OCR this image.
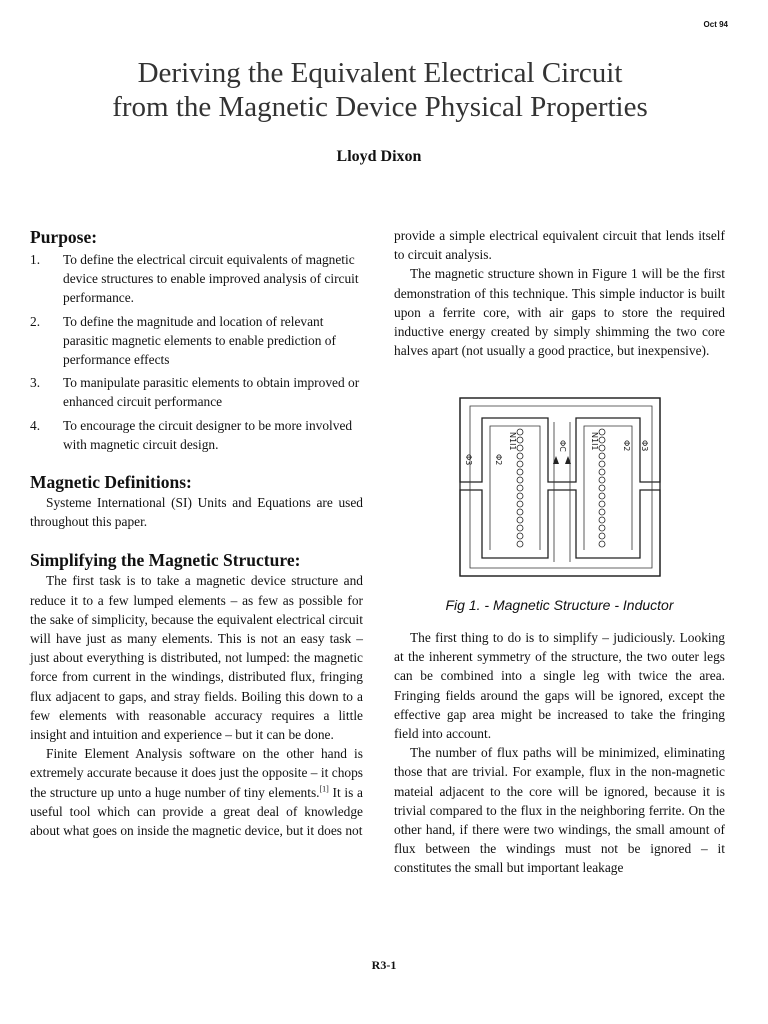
Oct 94
Deriving the Equivalent Electrical Circuit
from the Magnetic Device Physical Properties
Lloyd Dixon
Purpose:
1. To define the electrical circuit equivalents of magnetic device structures to enable improved analysis of circuit performance.
2. To define the magnitude and location of relevant parasitic magnetic elements to enable prediction of performance effects
3. To manipulate parasitic elements to obtain improved or enhanced circuit performance
4. To encourage the circuit designer to be more involved with magnetic circuit design.
Magnetic Definitions:

Systeme International (SI) Units and Equations are used throughout this paper.

Simplifying the Magnetic Structure:

The first task is to take a magnetic device structure and reduce it to a few lumped elements – as few as possible for the sake of simplicity, because the equivalent electrical circuit will have just as many elements. This is not an easy task – just about everything is distributed, not lumped: the magnetic force from current in the windings, distributed flux, fringing flux adjacent to gaps, and stray fields. Boiling this down to a few elements with reasonable accuracy requires a little insight and intuition and experience – but it can be done.

Finite Element Analysis software on the other hand is extremely accurate because it does just the opposite – it chops the structure up unto a huge number of tiny elements.[1] It is a useful tool which can provide a great deal of knowledge about what goes on inside the magnetic device, but it does not

provide a simple electrical equivalent circuit that lends itself to circuit analysis.

The magnetic structure shown in Figure 1 will be the first demonstration of this technique. This simple inductor is built upon a ferrite core, with air gaps to store the required inductive energy created by simply shimming the two core halves apart (not usually a good practice, but inexpensive).

Φ3	Φ2
N1I1	ΦC	N1I1	Φ2 Φ3
Fig 1. - Magnetic Structure - Inductor

The first thing to do is to simplify – judiciously. Looking at the inherent symmetry of the structure, the two outer legs can be combined into a single leg with twice the area. Fringing fields around the gaps will be ignored, except the effective gap area might be increased to take the fringing field into account.

The number of flux paths will be minimized, eliminating those that are trivial. For example, flux in the non-magnetic mateial adjacent to the core will be ignored, because it is trivial compared to the flux in the neighboring ferrite. On the other hand, if there were two windings, the small amount of flux between the windings must not be ignored – it constitutes the small but important leakage

R3-1
